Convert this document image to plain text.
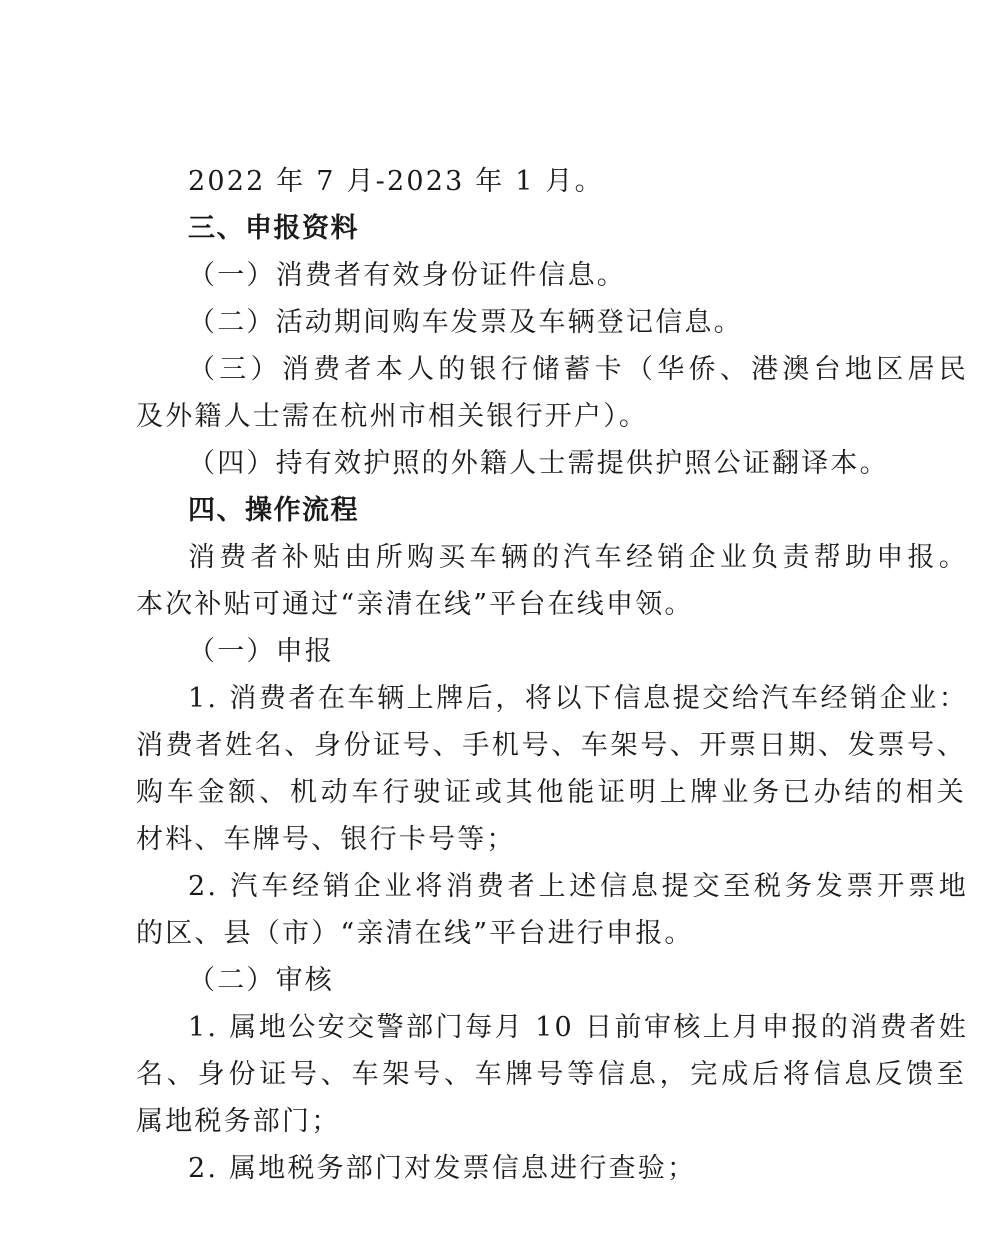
2022 年 7 月-2023 年 1 月。
三、申报资料
（一）消费者有效身份证件信息。
（二）活动期间购车发票及车辆登记信息。
（三）消费者本人的银行储蓄卡（华侨、港澳台地区居民
及外籍人士需在杭州市相关银行开户）。
（四）持有效护照的外籍人士需提供护照公证翻译本。
四、操作流程
消费者补贴由所购买车辆的汽车经销企业负责帮助申报。
本次补贴可通过“亲清在线”平台在线申领。
（一）申报
1. 消费者在车辆上牌后，将以下信息提交给汽车经销企业：
消费者姓名、身份证号、手机号、车架号、开票日期、发票号、
购车金额、机动车行驶证或其他能证明上牌业务已办结的相关
材料、车牌号、银行卡号等；
2. 汽车经销企业将消费者上述信息提交至税务发票开票地
的区、县（市）“亲清在线”平台进行申报。
（二）审核
1. 属地公安交警部门每月 10 日前审核上月申报的消费者姓
名、身份证号、车架号、车牌号等信息，完成后将信息反馈至
属地税务部门；
2. 属地税务部门对发票信息进行查验；
